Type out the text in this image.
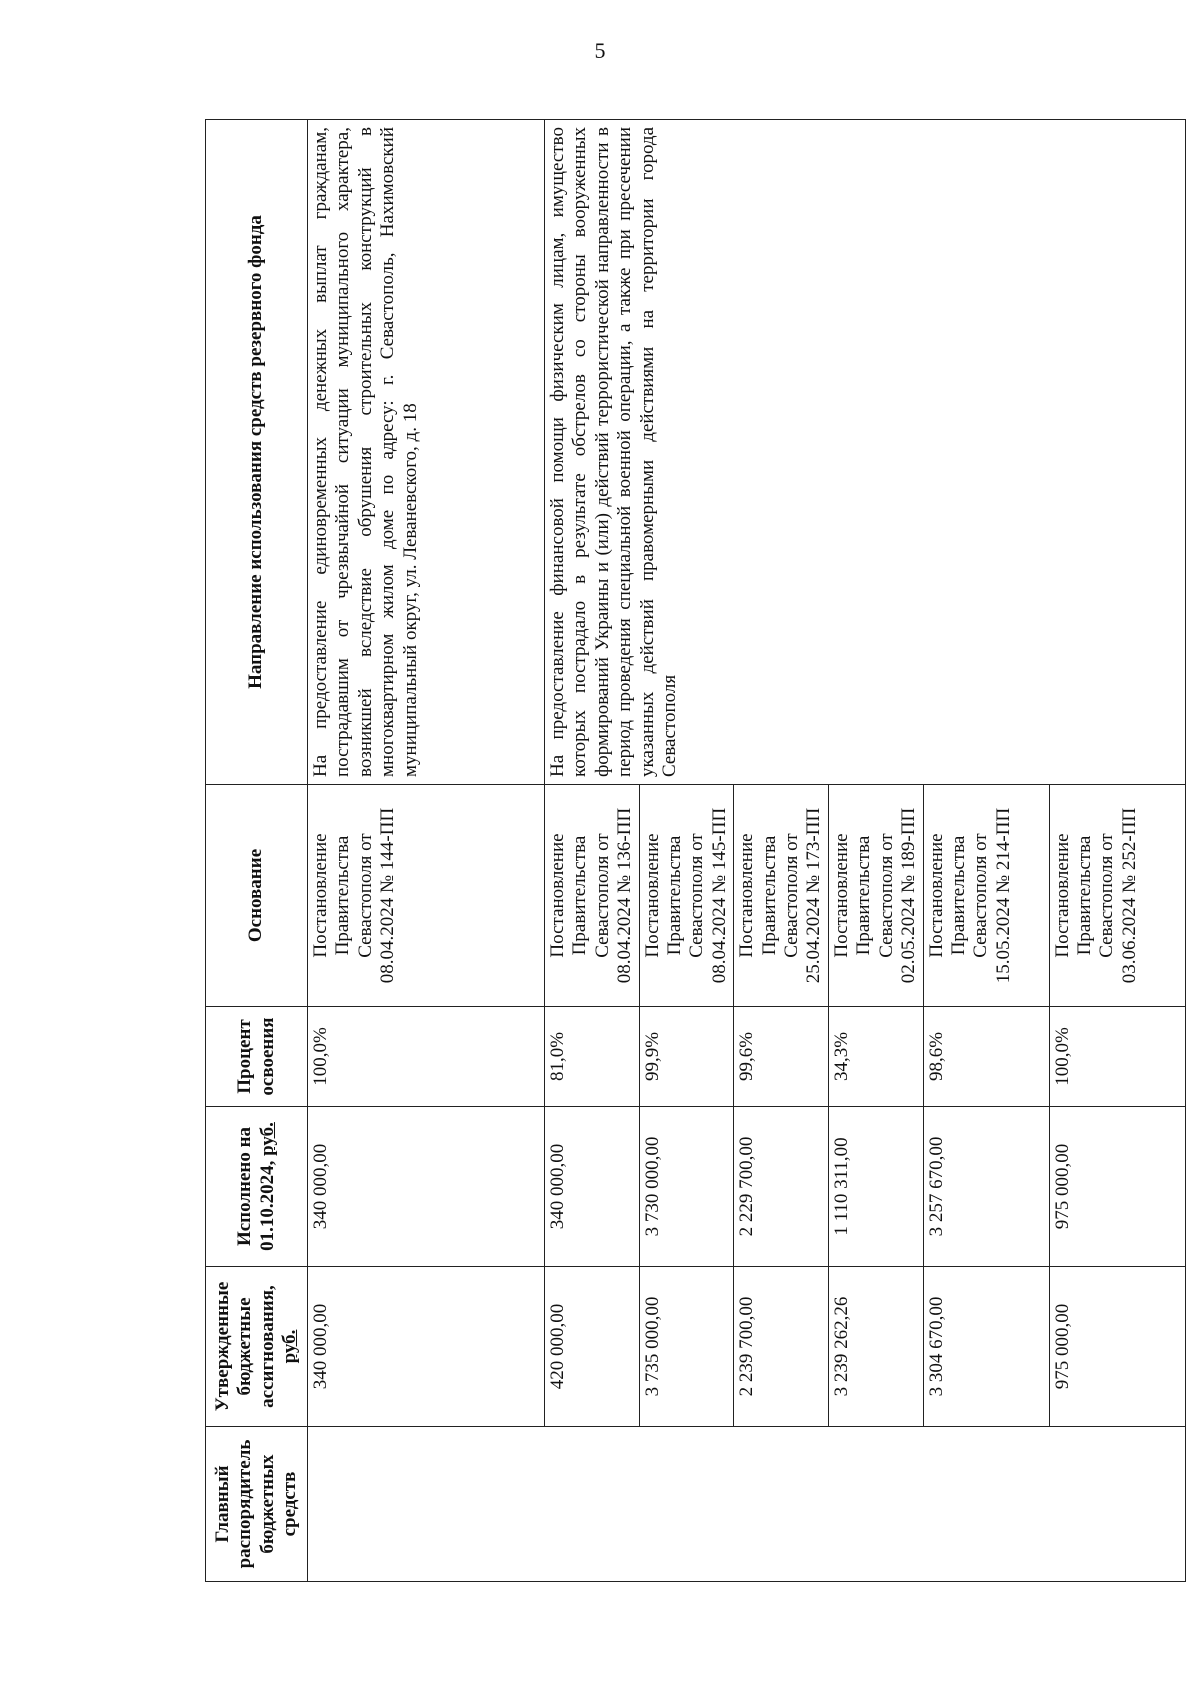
5
Главный распорядитель бюджетных средств	Утвержденные бюджетные ассигнования, руб.	Исполнено на 01.10.2024, руб.	Процент освоения	Основание	Направление использования средств резервного фонда
	340 000,00	340 000,00	100,0%	Постановление Правительства Севастополя от 08.04.2024 № 144-ПП	На предоставление единовременных денежных выплат гражданам, пострадавшим от чрезвычайной ситуации муниципального характера, возникшей вследствие обрушения строительных конструкций в многоквартирном жилом доме по адресу: г. Севастополь, Нахимовский муниципальный округ, ул. Леваневского, д. 18
	420 000,00	340 000,00	81,0%	Постановление Правительства Севастополя от 08.04.2024 № 136-ПП	На предоставление финансовой помощи физическим лицам, имущество которых пострадало в результате обстрелов со стороны вооруженных формирований Украины и (или) действий террористической направленности в период проведения специальной военной операции, а также при пресечении указанных действий правомерными действиями на территории города Севастополя
	3 735 000,00	3 730 000,00	99,9%	Постановление Правительства Севастополя от 08.04.2024 № 145-ПП	
	2 239 700,00	2 229 700,00	99,6%	Постановление Правительства Севастополя от 25.04.2024 № 173-ПП	
	3 239 262,26	1 110 311,00	34,3%	Постановление Правительства Севастополя от 02.05.2024 № 189-ПП	
	3 304 670,00	3 257 670,00	98,6%	Постановление Правительства Севастополя от 15.05.2024 № 214-ПП	
	975 000,00	975 000,00	100,0%	Постановление Правительства Севастополя от 03.06.2024 № 252-ПП	
